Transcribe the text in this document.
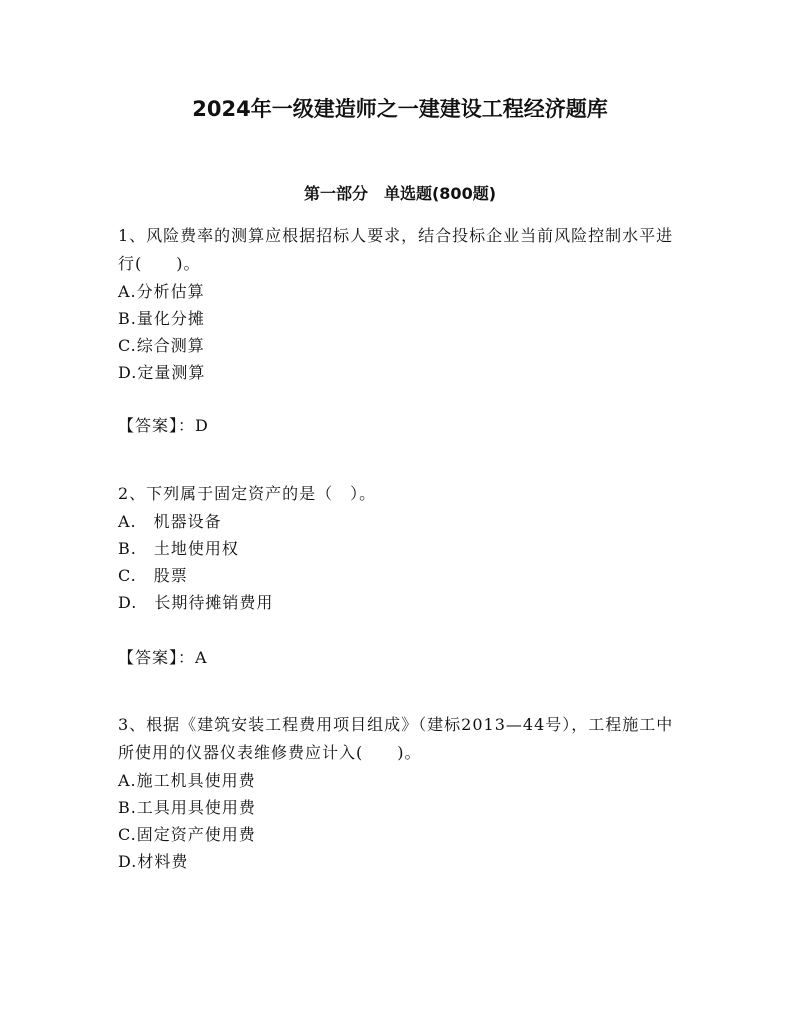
2024年一级建造师之一建建设工程经济题库
第一部分　单选题(800题)
1、风险费率的测算应根据招标人要求，结合投标企业当前风险控制水平进行(　　)。
A.分析估算
B.量化分摊
C.综合测算
D.定量测算
【答案】：D
2、下列属于固定资产的是（　）。
A.　机器设备
B.　土地使用权
C.　股票
D.　长期待摊销费用
【答案】：A
3、根据《建筑安装工程费用项目组成》（建标2013—44号），工程施工中所使用的仪器仪表维修费应计入(　　)。
A.施工机具使用费
B.工具用具使用费
C.固定资产使用费
D.材料费
